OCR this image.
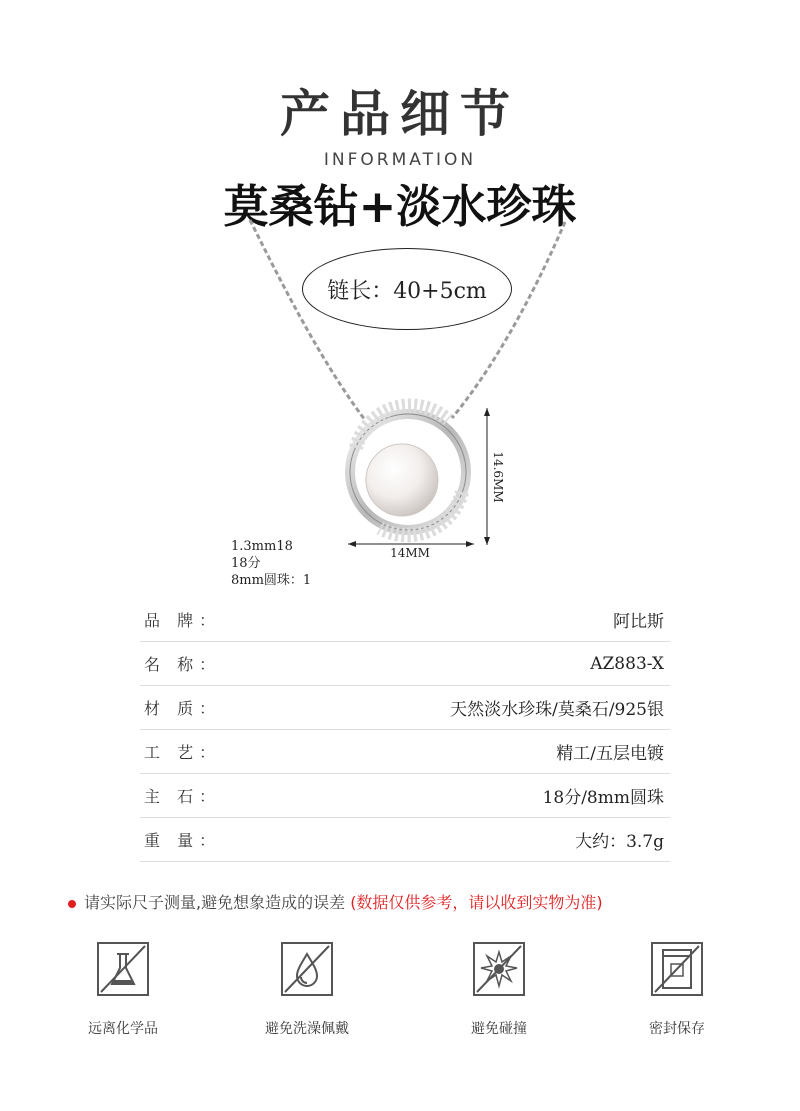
产品细节
INFORMATION
莫桑钻+淡水珍珠
链长：40+5cm
14.6MM
14MM
1.3mm18
18分
8mm圆珠：1
品 牌：	阿比斯
名 称：	AZ883-X
材 质：	天然淡水珍珠/莫桑石/925银
工 艺：	精工/五层电镀
主 石：	18分/8mm圆珠
重 量：	大约：3.7g
请实际尺子测量,避免想象造成的误差 (数据仅供参考，请以收到实物为准)
远离化学品	避免洗澡佩戴	避免碰撞	密封保存
